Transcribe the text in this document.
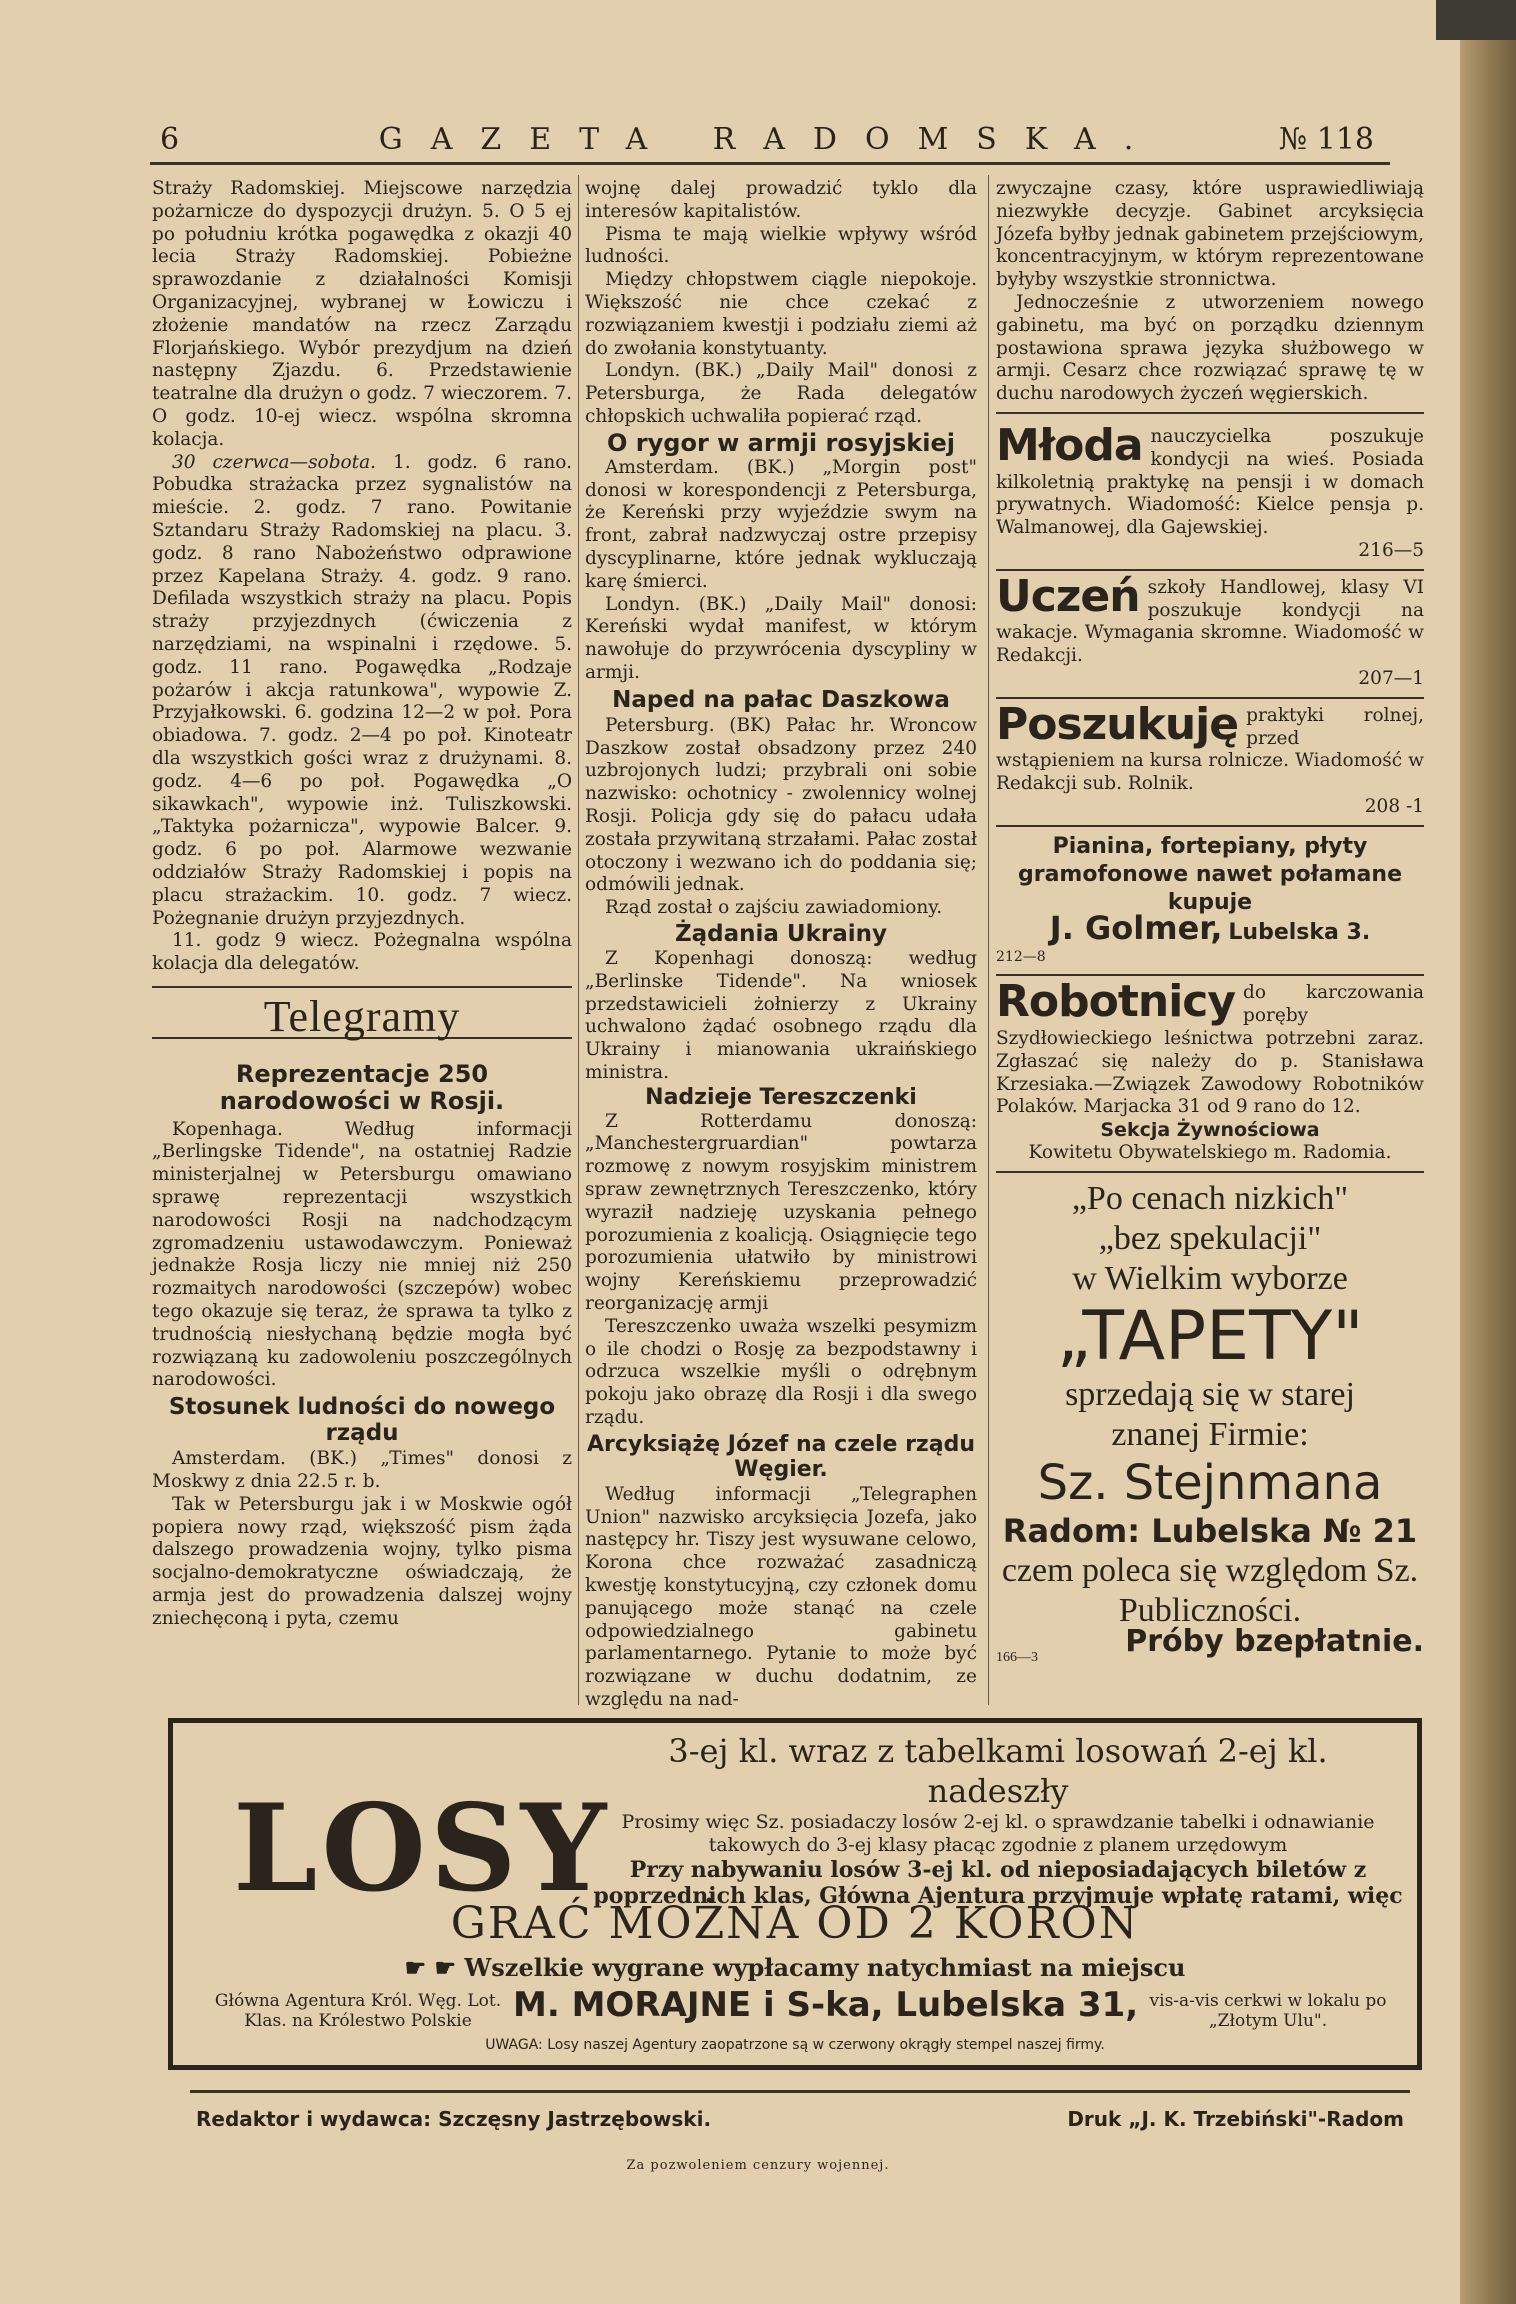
6	GAZETA RADOMSKA.	№ 118

Straży Radomskiej. Miejscowe narzędzia pożarnicze do dyspozycji drużyn. 5. O 5 ej po południu krótka pogawędka z okazji 40 lecia Straży Radomskiej. Pobieżne sprawozdanie z działalności Komisji Organizacyjnej, wybranej w Łowiczu i złożenie mandatów na rzecz Zarządu Florjańskiego. Wybór prezydjum na dzień następny Zjazdu. 6. Przedstawienie teatralne dla drużyn o godz. 7 wieczorem. 7. O godz. 10-ej wiecz. wspólna skromna kolacja.

30 czerwca—sobota. 1. godz. 6 rano. Pobudka strażacka przez sygnalistów na mieście. 2. godz. 7 rano. Powitanie Sztandaru Straży Radomskiej na placu. 3. godz. 8 rano Nabożeństwo odprawione przez Kapelana Straży. 4. godz. 9 rano. Defilada wszystkich straży na placu. Popis straży przyjezdnych (ćwiczenia z narzędziami, na wspinalni i rzędowe. 5. godz. 11 rano. Pogawędka „Rodzaje pożarów i akcja ratunkowa", wypowie Z. Przyjałkowski. 6. godzina 12—2 w poł. Pora obiadowa. 7. godz. 2—4 po poł. Kinoteatr dla wszystkich gości wraz z drużynami. 8. godz. 4—6 po poł. Pogawędka „O sikawkach", wypowie inż. Tuliszkowski. „Taktyka pożarnicza", wypowie Balcer. 9. godz. 6 po poł. Alarmowe wezwanie oddziałów Straży Radomskiej i popis na placu strażackim. 10. godz. 7 wiecz. Pożegnanie drużyn przyjezdnych.

11. godz 9 wiecz. Pożegnalna wspólna kolacja dla delegatów.

Telegramy
Reprezentacje 250 narodowości w Rosji.

Kopenhaga. Według informacji „Berlingske Tidende", na ostatniej Radzie ministerjalnej w Petersburgu omawiano sprawę reprezentacji wszystkich narodowości Rosji na nadchodzącym zgromadzeniu ustawodawczym. Ponieważ jednakże Rosja liczy nie mniej niż 250 rozmaitych narodowości (szczepów) wobec tego okazuje się teraz, że sprawa ta tylko z trudnością niesłychaną będzie mogła być rozwiązaną ku zadowoleniu poszczególnych narodowości.

Stosunek ludności do nowego rządu

Amsterdam. (BK.) „Times" donosi z Moskwy z dnia 22.5 r. b.

Tak w Petersburgu jak i w Moskwie ogół popiera nowy rząd, większość pism żąda dalszego prowadzenia wojny, tylko pisma socjalno-demokratyczne oświadczają, że armja jest do prowadzenia dalszej wojny zniechęconą i pyta, czemu

wojnę dalej prowadzić tyklo dla interesów kapitalistów.

Pisma te mają wielkie wpływy wśród ludności.

Między chłopstwem ciągle niepokoje. Większość nie chce czekać z rozwiązaniem kwestji i podziału ziemi aż do zwołania konstytuanty.

Londyn. (BK.) „Daily Mail" donosi z Petersburga, że Rada delegatów chłopskich uchwaliła popierać rząd.

O rygor w armji rosyjskiej

Amsterdam. (BK.) „Morgin post" donosi w korespondencji z Petersburga, że Kereński przy wyjeździe swym na front, zabrał nadzwyczaj ostre przepisy dyscyplinarne, które jednak wykluczają karę śmierci.

Londyn. (BK.) „Daily Mail" donosi: Kereński wydał manifest, w którym nawołuje do przywrócenia dyscypliny w armji.

Naped na pałac Daszkowa

Petersburg. (BK) Pałac hr. Wroncow Daszkow został obsadzony przez 240 uzbrojonych ludzi; przybrali oni sobie nazwisko: ochotnicy - zwolennicy wolnej Rosji. Policja gdy się do pałacu udała została przywitaną strzałami. Pałac został otoczony i wezwano ich do poddania się; odmówili jednak.

Rząd został o zajściu zawiadomiony.

Żądania Ukrainy

Z Kopenhagi donoszą: według „Berlinske Tidende". Na wniosek przedstawicieli żołnierzy z Ukrainy uchwalono żądać osobnego rządu dla Ukrainy i mianowania ukraińskiego ministra.

Nadzieje Tereszczenki

Z Rotterdamu donoszą: „Manchestergruardian" powtarza rozmowę z nowym rosyjskim ministrem spraw zewnętrznych Tereszczenko, który wyraził nadzieję uzyskania pełnego porozumienia z koalicją. Osiągnięcie tego porozumienia ułatwiło by ministrowi wojny Kereńskiemu przeprowadzić reorganizację armji

Tereszczenko uważa wszelki pesymizm o ile chodzi o Rosję za bezpodstawny i odrzuca wszelkie myśli o odrębnym pokoju jako obrazę dla Rosji i dla swego rządu.

Arcyksiążę Józef na czele rządu Węgier.

Według informacji „Telegraphen Union" nazwisko arcyksięcia Jozefa, jako następcy hr. Tiszy jest wysuwane celowo, Korona chce rozważać zasadniczą kwestję konstytucyjną, czy członek domu panującego może stanąć na czele odpowiedzialnego gabinetu parlamentarnego. Pytanie to może być rozwiązane w duchu dodatnim, ze względu na nad-

zwyczajne czasy, które usprawiedliwiają niezwykłe decyzje. Gabinet arcyksięcia Józefa byłby jednak gabinetem przejściowym, koncentracyjnym, w którym reprezentowane byłyby wszystkie stronnictwa.

Jednocześnie z utworzeniem nowego gabinetu, ma być on porządku dziennym postawiona sprawa języka służbowego w armji. Cesarz chce rozwiązać sprawę tę w duchu narodowych życzeń węgierskich.

Młoda nauczycielka poszukuje kondycji na wieś. Posiada kilkoletnią praktykę na pensji i w domach prywatnych. Wiadomość: Kielce pensja p. Walmanowej, dla Gajewskiej.
216—5
Uczeń szkoły Handlowej, klasy VI poszukuje kondycji na wakacje. Wymagania skromne. Wiadomość w Redakcji.
207—1
Poszukuję praktyki rolnej, przed wstąpieniem na kursa rolnicze. Wiadomość w Redakcji sub. Rolnik.
208 -1
Pianina, fortepiany, płyty gramofonowe nawet połamane kupuje
J. Golmer, Lubelska 3.
212—8
Robotnicy do karczowania poręby Szydłowieckiego leśnictwa potrzebni zaraz. Zgłaszać się należy do p. Stanisława Krzesiaka.—Związek Zawodowy Robotników Polaków. Marjacka 31 od 9 rano do 12.
Sekcja Żywnościowa
Kowitetu Obywatelskiego m. Radomia.
„Po cenach nizkich"
„bez spekulacji"
w Wielkim wyborze
„TAPETY"
sprzedają się w starej
znanej Firmie:
Sz. Stejnmana
Radom: Lubelska № 21
czem poleca się względom Sz. Publiczności.
166—3	Próby bzepłatnie.
LOSY
3-ej kl. wraz z tabelkami losowań 2-ej kl. nadeszły
Prosimy więc Sz. posiadaczy losów 2-ej kl. o sprawdzanie tabelki i odnawianie takowych do 3-ej klasy płacąc zgodnie z planem urzędowym
Przy nabywaniu losów 3-ej kl. od nieposiadających biletów z poprzednich klas, Główna Ajentura przyjmuje wpłatę ratami, więc
GRAĆ MOŻNA OD 2 KORON
☛ ☛ Wszelkie wygrane wypłacamy natychmiast na miejscu
Główna Agentura Król. Węg. Lot. Klas. na Królestwo Polskie	M. MORAJNE i S-ka, Lubelska 31, vis-a-vis cerkwi w lokalu po „Złotym Ulu".
UWAGA: Losy naszej Agentury zaopatrzone są w czerwony okrągły stempel naszej firmy.
Redaktor i wydawca: Szczęsny Jastrzębowski.	Druk „J. K. Trzebiński"-Radom
Za pozwoleniem cenzury wojennej.
